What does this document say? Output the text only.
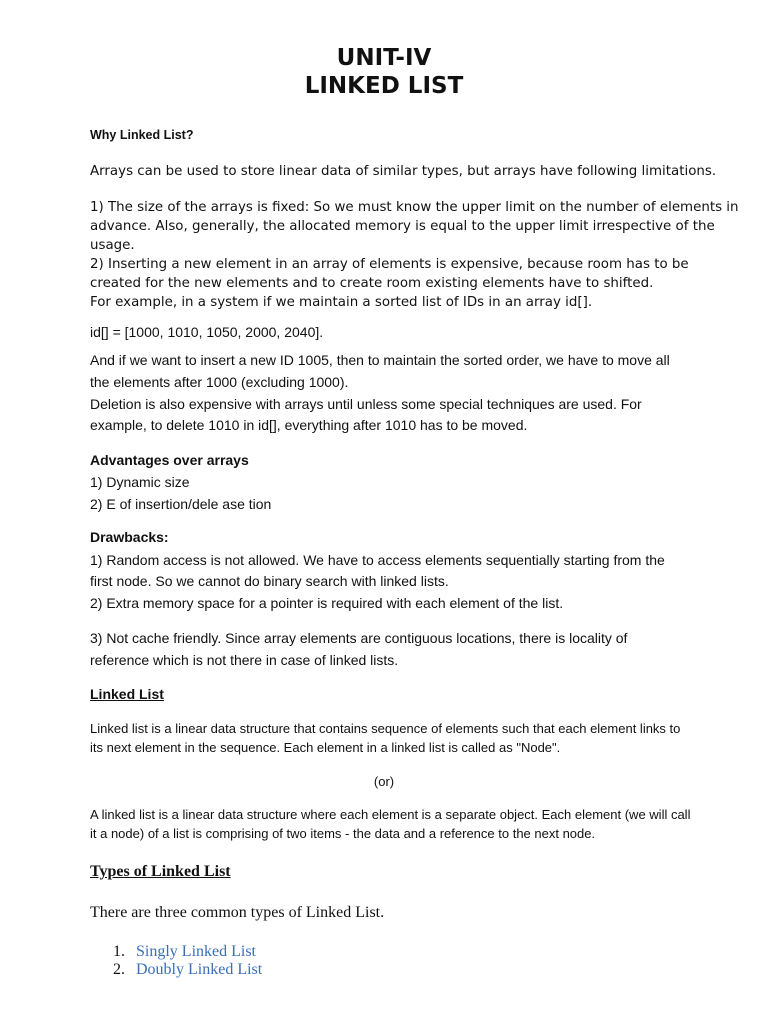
UNIT-IV
LINKED LIST
Why Linked List?
Arrays can be used to store linear data of similar types, but arrays have following limitations.
1) The size of the arrays is fixed: So we must know the upper limit on the number of elements in
advance. Also, generally, the allocated memory is equal to the upper limit irrespective of the
usage.
2) Inserting a new element in an array of elements is expensive, because room has to be
created for the new elements and to create room existing elements have to shifted.
For example, in a system if we maintain a sorted list of IDs in an array id[].
id[] = [1000, 1010, 1050, 2000, 2040].
And if we want to insert a new ID 1005, then to maintain the sorted order, we have to move all
the elements after 1000 (excluding 1000).
Deletion is also expensive with arrays until unless some special techniques are used. For
example, to delete 1010 in id[], everything after 1010 has to be moved.
Advantages over arrays
1) Dynamic size
2) E of insertion/dele ase tion
Drawbacks:
1) Random access is not allowed. We have to access elements sequentially starting from the
first node. So we cannot do binary search with linked lists.
2) Extra memory space for a pointer is required with each element of the list.
3) Not cache friendly. Since array elements are contiguous locations, there is locality of
reference which is not there in case of linked lists.
Linked List
Linked list is a linear data structure that contains sequence of elements such that each element links to
its next element in the sequence. Each element in a linked list is called as "Node".
(or)
A linked list is a linear data structure where each element is a separate object. Each element (we will call
it a node) of a list is comprising of two items - the data and a reference to the next node.
Types of Linked List
There are three common types of Linked List.
1. Singly Linked List
2. Doubly Linked List
